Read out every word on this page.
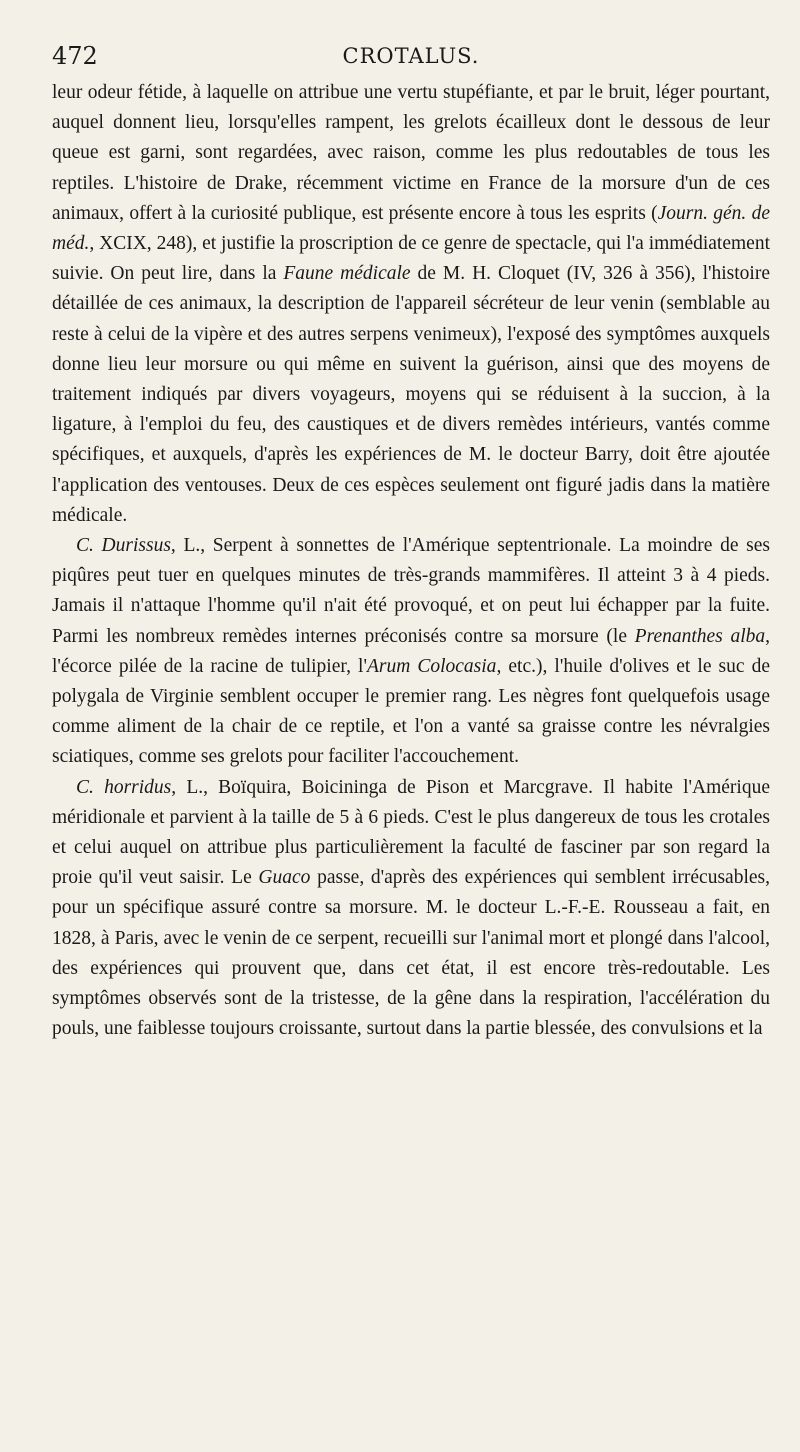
472	CROTALUS.

leur odeur fétide, à laquelle on attribue une vertu stupéfiante, et par le bruit, léger pourtant, auquel donnent lieu, lorsqu'elles rampent, les grelots écailleux dont le dessous de leur queue est garni, sont regardées, avec raison, comme les plus redoutables de tous les reptiles. L'histoire de Drake, récemment victime en France de la morsure d'un de ces animaux, offert à la curiosité publique, est présente encore à tous les esprits (Journ. gén. de méd., XCIX, 248), et justifie la proscription de ce genre de spectacle, qui l'a immédiatement suivie. On peut lire, dans la Faune médicale de M. H. Cloquet (IV, 326 à 356), l'histoire détaillée de ces animaux, la description de l'appareil sécréteur de leur venin (semblable au reste à celui de la vipère et des autres serpens venimeux), l'exposé des symptômes auxquels donne lieu leur morsure ou qui même en suivent la guérison, ainsi que des moyens de traitement indiqués par divers voyageurs, moyens qui se réduisent à la succion, à la ligature, à l'emploi du feu, des caustiques et de divers remèdes intérieurs, vantés comme spécifiques, et auxquels, d'après les expériences de M. le docteur Barry, doit être ajoutée l'application des ventouses. Deux de ces espèces seulement ont figuré jadis dans la matière médicale.

C. Durissus, L., Serpent à sonnettes de l'Amérique septentrionale. La moindre de ses piqûres peut tuer en quelques minutes de très-grands mammifères. Il atteint 3 à 4 pieds. Jamais il n'attaque l'homme qu'il n'ait été provoqué, et on peut lui échapper par la fuite. Parmi les nombreux remèdes internes préconisés contre sa morsure (le Prenanthes alba, l'écorce pilée de la racine de tulipier, l'Arum Colocasia, etc.), l'huile d'olives et le suc de polygala de Virginie semblent occuper le premier rang. Les nègres font quelquefois usage comme aliment de la chair de ce reptile, et l'on a vanté sa graisse contre les névralgies sciatiques, comme ses grelots pour faciliter l'accouchement.

C. horridus, L., Boïquira, Boicininga de Pison et Marcgrave. Il habite l'Amérique méridionale et parvient à la taille de 5 à 6 pieds. C'est le plus dangereux de tous les crotales et celui auquel on attribue plus particulièrement la faculté de fasciner par son regard la proie qu'il veut saisir. Le Guaco passe, d'après des expériences qui semblent irrécusables, pour un spécifique assuré contre sa morsure. M. le docteur L.-F.-E. Rousseau a fait, en 1828, à Paris, avec le venin de ce serpent, recueilli sur l'animal mort et plongé dans l'alcool, des expériences qui prouvent que, dans cet état, il est encore très-redoutable. Les symptômes observés sont de la tristesse, de la gêne dans la respiration, l'accélération du pouls, une faiblesse toujours croissante, surtout dans la partie blessée, des convulsions et la
